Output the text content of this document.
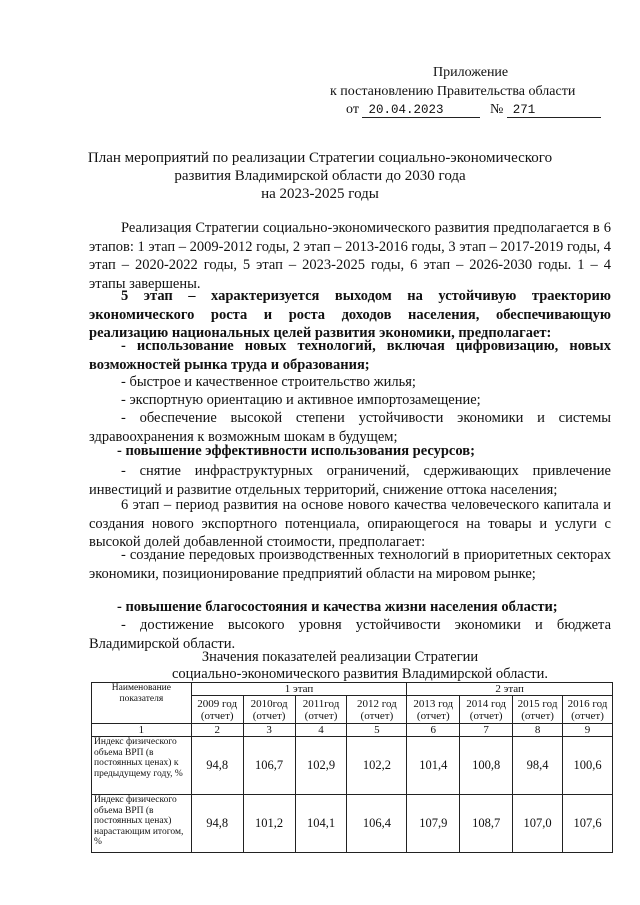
Приложение
к постановлению Правительства области
от 20.04.2023	№ 271
План мероприятий по реализации Стратегии социально-экономического
развития Владимирской области до 2030 года
на 2023-2025 годы
Реализация Стратегии социально-экономического развития предполагается в 6 этапов: 1 этап – 2009-2012 годы, 2 этап – 2013-2016 годы, 3 этап – 2017-2019 годы, 4 этап – 2020-2022 годы, 5 этап – 2023-2025 годы, 6 этап – 2026-2030 годы. 1 – 4 этапы завершены.
5 этап – характеризуется выходом на устойчивую траекторию экономического роста и роста доходов населения, обеспечивающую реализацию национальных целей развития экономики, предполагает:
- использование новых технологий, включая цифровизацию, новых возможностей рынка труда и образования;
- быстрое и качественное строительство жилья;
- экспортную ориентацию и активное импортозамещение;
- обеспечение высокой степени устойчивости экономики и системы здравоохранения к возможным шокам в будущем;
- повышение эффективности использования ресурсов;
- снятие инфраструктурных ограничений, сдерживающих привлечение инвестиций и развитие отдельных территорий, снижение оттока населения;
6 этап – период развития на основе нового качества человеческого капитала и создания нового экспортного потенциала, опирающегося на товары и услуги с высокой долей добавленной стоимости, предполагает:
- создание передовых производственных технологий в приоритетных секторах экономики, позиционирование предприятий области на мировом рынке;
- повышение благосостояния и качества жизни населения области;
- достижение высокого уровня устойчивости экономики и бюджета Владимирской области.
Значения показателей реализации Стратегии
социально-экономического развития Владимирской области.
Наименование показателя	1 этап				2 этап			
	2009 год (отчет)	2010год (отчет)	2011год (отчет)	2012 год (отчет)	2013 год (отчет)	2014 год (отчет)	2015 год (отчет)	2016 год (отчет)
1	2	3	4	5	6	7	8	9
Индекс физического объема ВРП (в постоянных ценах) к предыдущему году, %	94,8	106,7	102,9	102,2	101,4	100,8	98,4	100,6
Индекс физического объема ВРП (в постоянных ценах) нарастающим итогом, %	94,8	101,2	104,1	106,4	107,9	108,7	107,0	107,6
